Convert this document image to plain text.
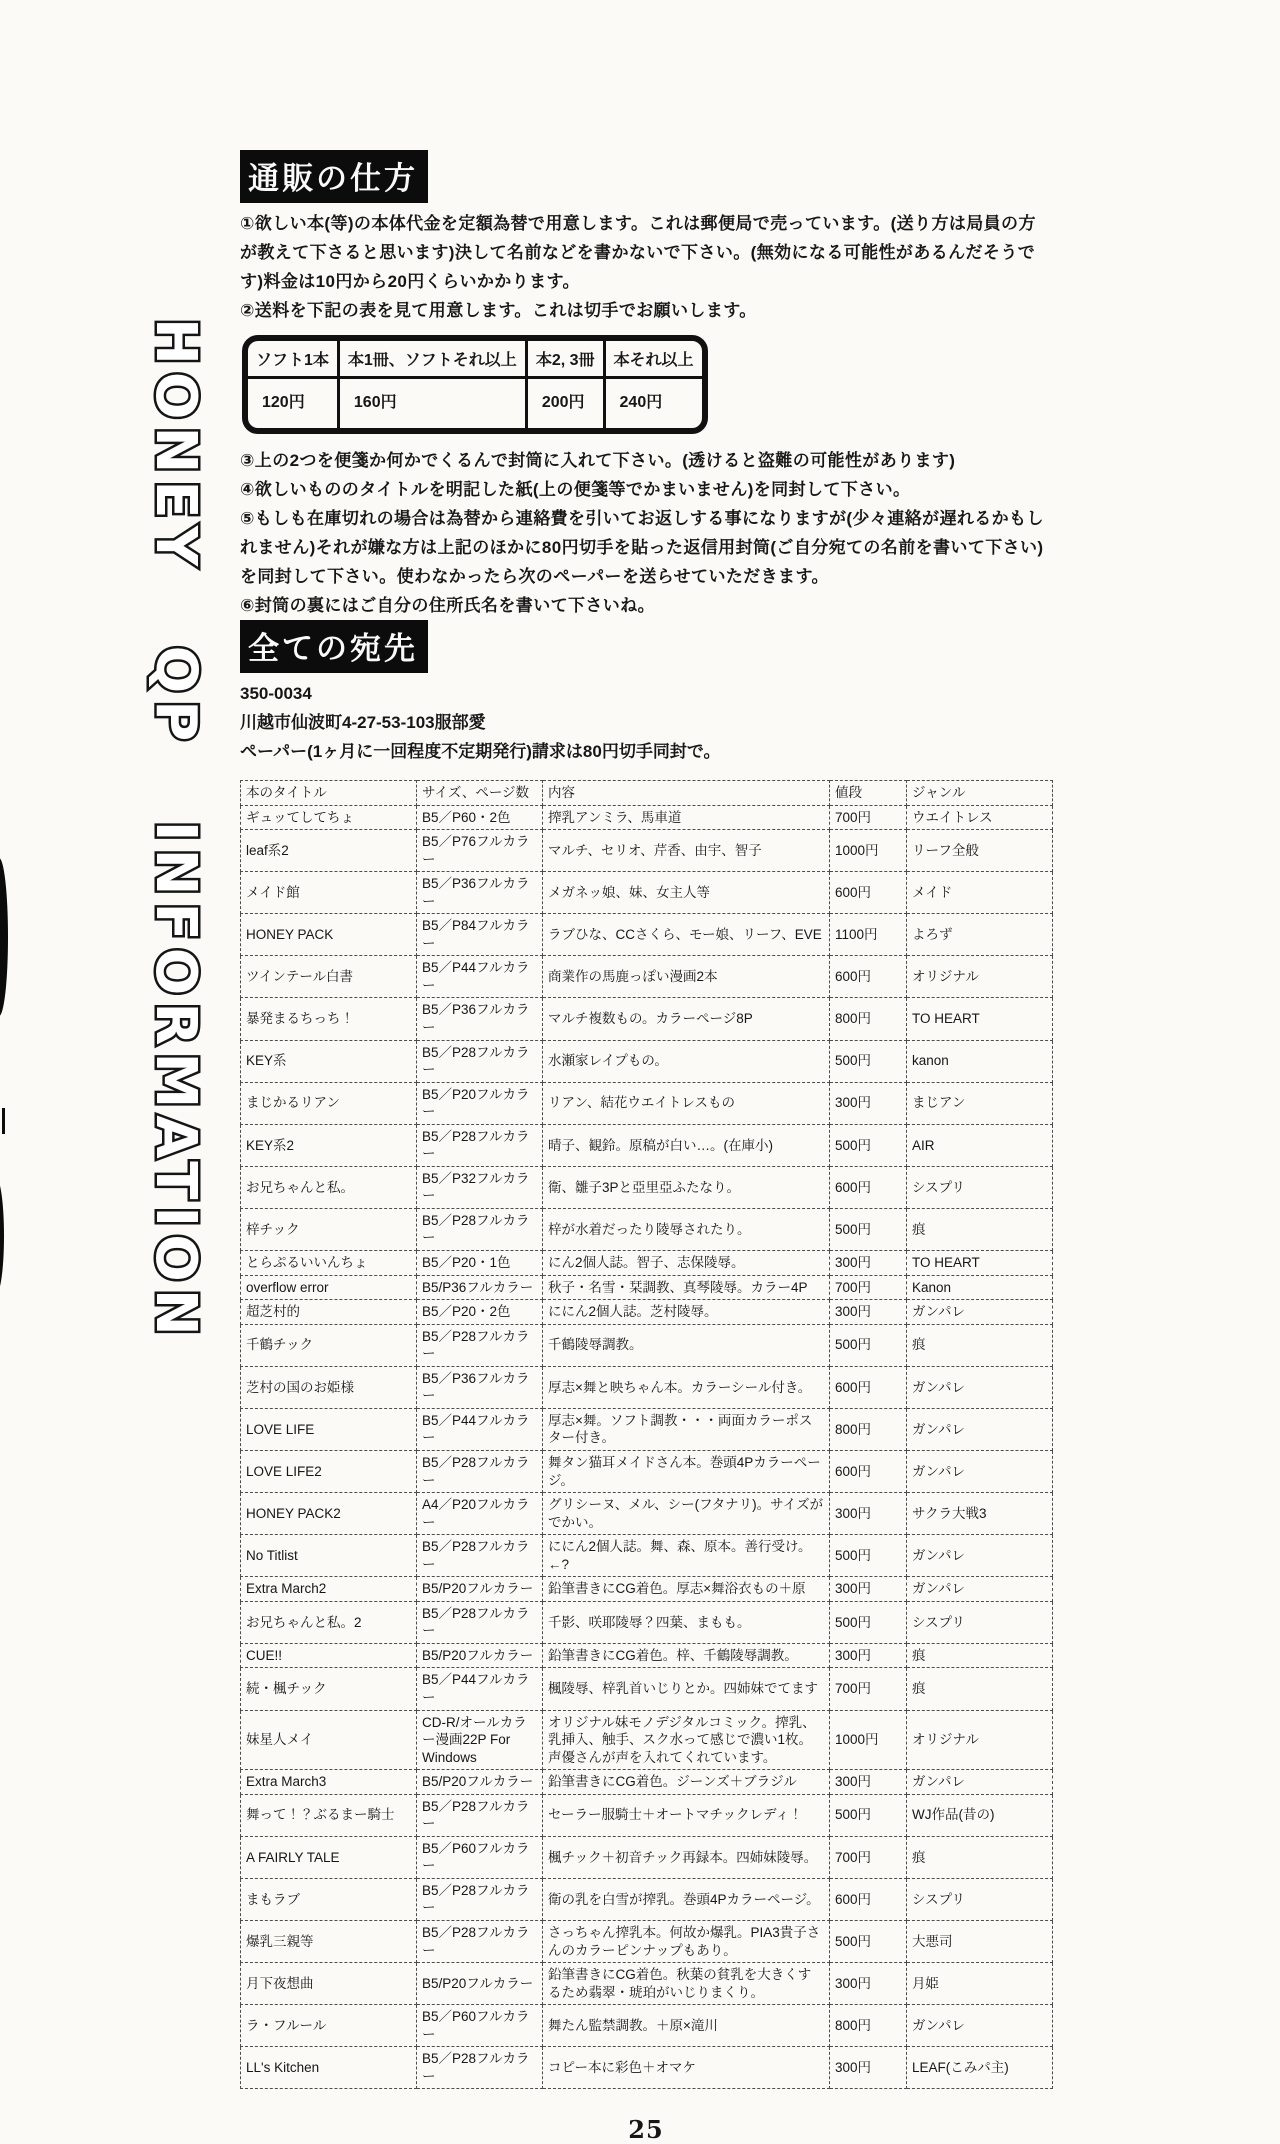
HONEY QP INFORMATION
通販の仕方

①欲しい本(等)の本体代金を定額為替で用意します。これは郵便局で売っています。(送り方は局員の方が教えて下さると思います)決して名前などを書かないで下さい。(無効になる可能性があるんだそうです)料金は10円から20円くらいかかります。

②送料を下記の表を見て用意します。これは切手でお願いします。

ソフト1本	本1冊、ソフトそれ以上	本2, 3冊	本それ以上
120円	160円	200円	240円

③上の2つを便箋か何かでくるんで封筒に入れて下さい。(透けると盗難の可能性があります)

④欲しいもののタイトルを明記した紙(上の便箋等でかまいません)を同封して下さい。

⑤もしも在庫切れの場合は為替から連絡費を引いてお返しする事になりますが(少々連絡が遅れるかもしれません)それが嫌な方は上記のほかに80円切手を貼った返信用封筒(ご自分宛ての名前を書いて下さい)を同封して下さい。使わなかったら次のペーパーを送らせていただきます。

⑥封筒の裏にはご自分の住所氏名を書いて下さいね。

全ての宛先

350-0034

川越市仙波町4-27-53-103服部愛

ペーパー(1ヶ月に一回程度不定期発行)請求は80円切手同封で。

本のタイトル	サイズ、ページ数	内容	値段	ジャンル
ギュッてしてちょ	B5／P60・2色	搾乳アンミラ、馬車道	700円	ウエイトレス
leaf系2	B5／P76フルカラー	マルチ、セリオ、芹香、由宇、智子	1000円	リーフ全般
メイド館	B5／P36フルカラー	メガネッ娘、妹、女主人等	600円	メイド
HONEY PACK	B5／P84フルカラー	ラブひな、CCさくら、モー娘、リーフ、EVE	1100円	よろず
ツインテール白書	B5／P44フルカラー	商業作の馬鹿っぽい漫画2本	600円	オリジナル
暴発まるちっち！	B5／P36フルカラー	マルチ複数もの。カラーページ8P	800円	TO HEART
KEY系	B5／P28フルカラー	水瀬家レイプもの。	500円	kanon
まじかるリアン	B5／P20フルカラー	リアン、結花ウエイトレスもの	300円	まじアン
KEY系2	B5／P28フルカラー	晴子、観鈴。原稿が白い…。(在庫小)	500円	AIR
お兄ちゃんと私。	B5／P32フルカラー	衛、雛子3Pと亞里亞ふたなり。	600円	シスプリ
梓チック	B5／P28フルカラー	梓が水着だったり陵辱されたり。	500円	痕
とらぷるいいんちょ	B5／P20・1色	にん2個人誌。智子、志保陵辱。	300円	TO HEART
overflow error	B5/P36フルカラー	秋子・名雪・栞調教、真琴陵辱。カラー4P	700円	Kanon
超芝村的	B5／P20・2色	ににん2個人誌。芝村陵辱。	300円	ガンパレ
千鶴チック	B5／P28フルカラー	千鶴陵辱調教。	500円	痕
芝村の国のお姫様	B5／P36フルカラー	厚志×舞と映ちゃん本。カラーシール付き。	600円	ガンパレ
LOVE LIFE	B5／P44フルカラー	厚志×舞。ソフト調教・・・両面カラーポスター付き。	800円	ガンパレ
LOVE LIFE2	B5／P28フルカラー	舞タン猫耳メイドさん本。巻頭4Pカラーページ。	600円	ガンパレ
HONEY PACK2	A4／P20フルカラー	グリシーヌ、メル、シー(フタナリ)。サイズがでかい。	300円	サクラ大戦3
No Titlist	B5／P28フルカラー	ににん2個人誌。舞、森、原本。善行受け。←?	500円	ガンパレ
Extra March2	B5/P20フルカラー	鉛筆書きにCG着色。厚志×舞浴衣もの＋原	300円	ガンパレ
お兄ちゃんと私。2	B5／P28フルカラー	千影、咲耶陵辱？四葉、まもも。	500円	シスプリ
CUE!!	B5/P20フルカラー	鉛筆書きにCG着色。梓、千鶴陵辱調教。	300円	痕
続・楓チック	B5／P44フルカラー	楓陵辱、梓乳首いじりとか。四姉妹でてます	700円	痕
妹星人メイ	CD-R/オールカラー漫画22P For Windows	オリジナル妹モノデジタルコミック。搾乳、乳挿入、触手、スク水って感じで濃い1枚。声優さんが声を入れてくれています。	1000円	オリジナル
Extra March3	B5/P20フルカラー	鉛筆書きにCG着色。ジーンズ＋ブラジル	300円	ガンパレ
舞って！？ぶるまー騎士	B5／P28フルカラー	セーラー服騎士＋オートマチックレディ！	500円	WJ作品(昔の)
A FAIRLY TALE	B5／P60フルカラー	楓チック＋初音チック再録本。四姉妹陵辱。	700円	痕
まもラブ	B5／P28フルカラー	衛の乳を白雪が搾乳。巻頭4Pカラーページ。	600円	シスプリ
爆乳三親等	B5／P28フルカラー	さっちゃん搾乳本。何故か爆乳。PIA3貴子さんのカラーピンナップもあり。	500円	大悪司
月下夜想曲	B5/P20フルカラー	鉛筆書きにCG着色。秋葉の貧乳を大きくするため翡翠・琥珀がいじりまくり。	300円	月姫
ラ・フルール	B5／P60フルカラー	舞たん監禁調教。＋原×滝川	800円	ガンパレ
LL's Kitchen	B5／P28フルカラー	コピー本に彩色＋オマケ	300円	LEAF(こみパ主)
25
